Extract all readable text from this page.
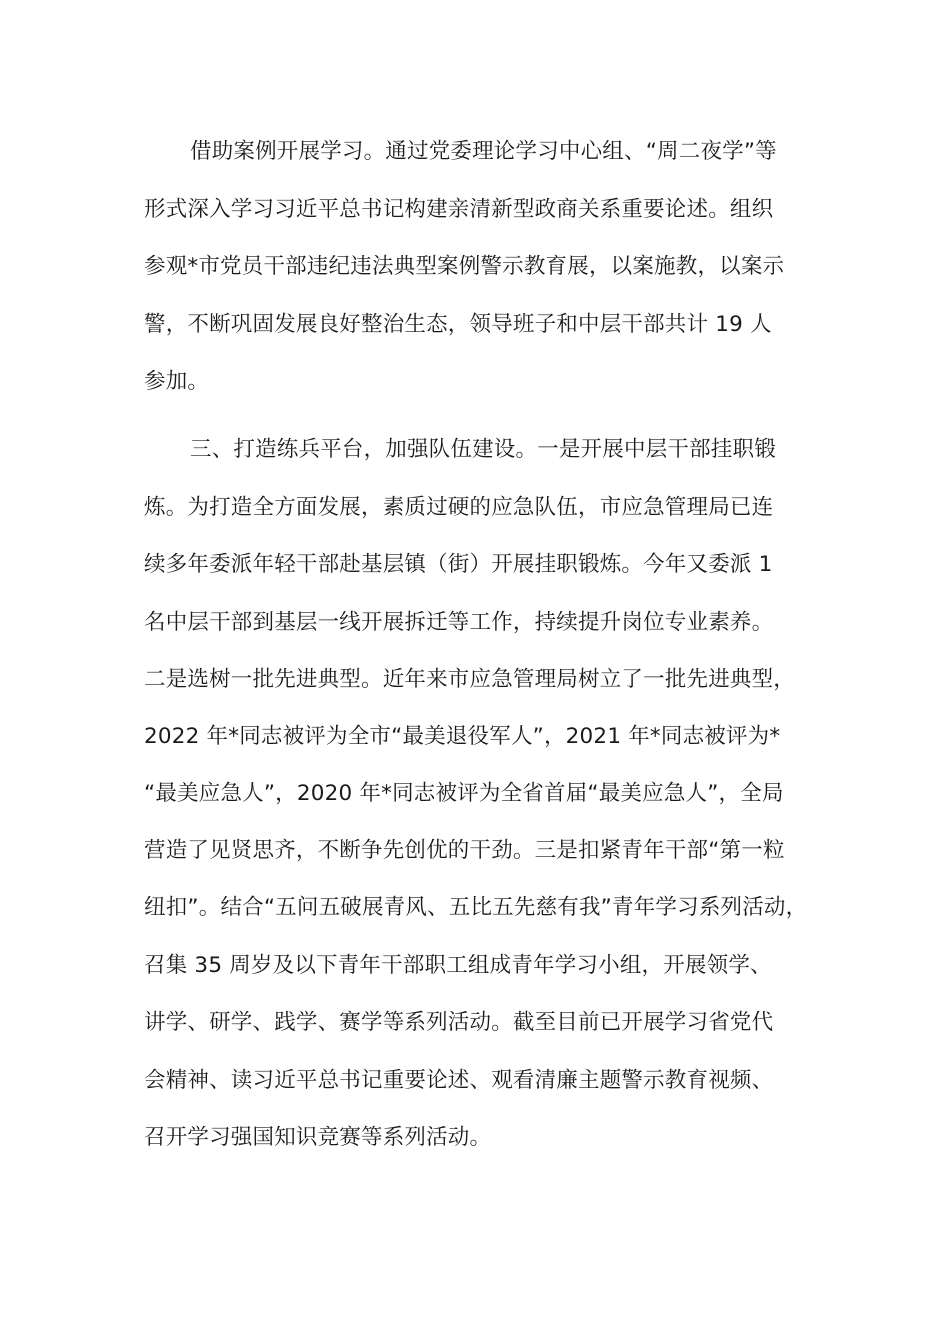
借助案例开展学习。通过党委理论学习中心组、“周二夜学”等
形式深入学习习近平总书记构建亲清新型政商关系重要论述。组织
参观*市党员干部违纪违法典型案例警示教育展，以案施教，以案示
警，不断巩固发展良好整治生态，领导班子和中层干部共计 19 人
参加。
三、打造练兵平台，加强队伍建设。一是开展中层干部挂职锻
炼。为打造全方面发展，素质过硬的应急队伍，市应急管理局已连
续多年委派年轻干部赴基层镇（街）开展挂职锻炼。今年又委派 1
名中层干部到基层一线开展拆迁等工作，持续提升岗位专业素养。
二是选树一批先进典型。近年来市应急管理局树立了一批先进典型，
2022 年*同志被评为全市“最美退役军人”，2021 年*同志被评为*
“最美应急人”，2020 年*同志被评为全省首届“最美应急人”，全局
营造了见贤思齐，不断争先创优的干劲。三是扣紧青年干部“第一粒
纽扣”。结合“五问五破展青风、五比五先慈有我”青年学习系列活动，
召集 35 周岁及以下青年干部职工组成青年学习小组，开展领学、
讲学、研学、践学、赛学等系列活动。截至目前已开展学习省党代
会精神、读习近平总书记重要论述、观看清廉主题警示教育视频、
召开学习强国知识竞赛等系列活动。
